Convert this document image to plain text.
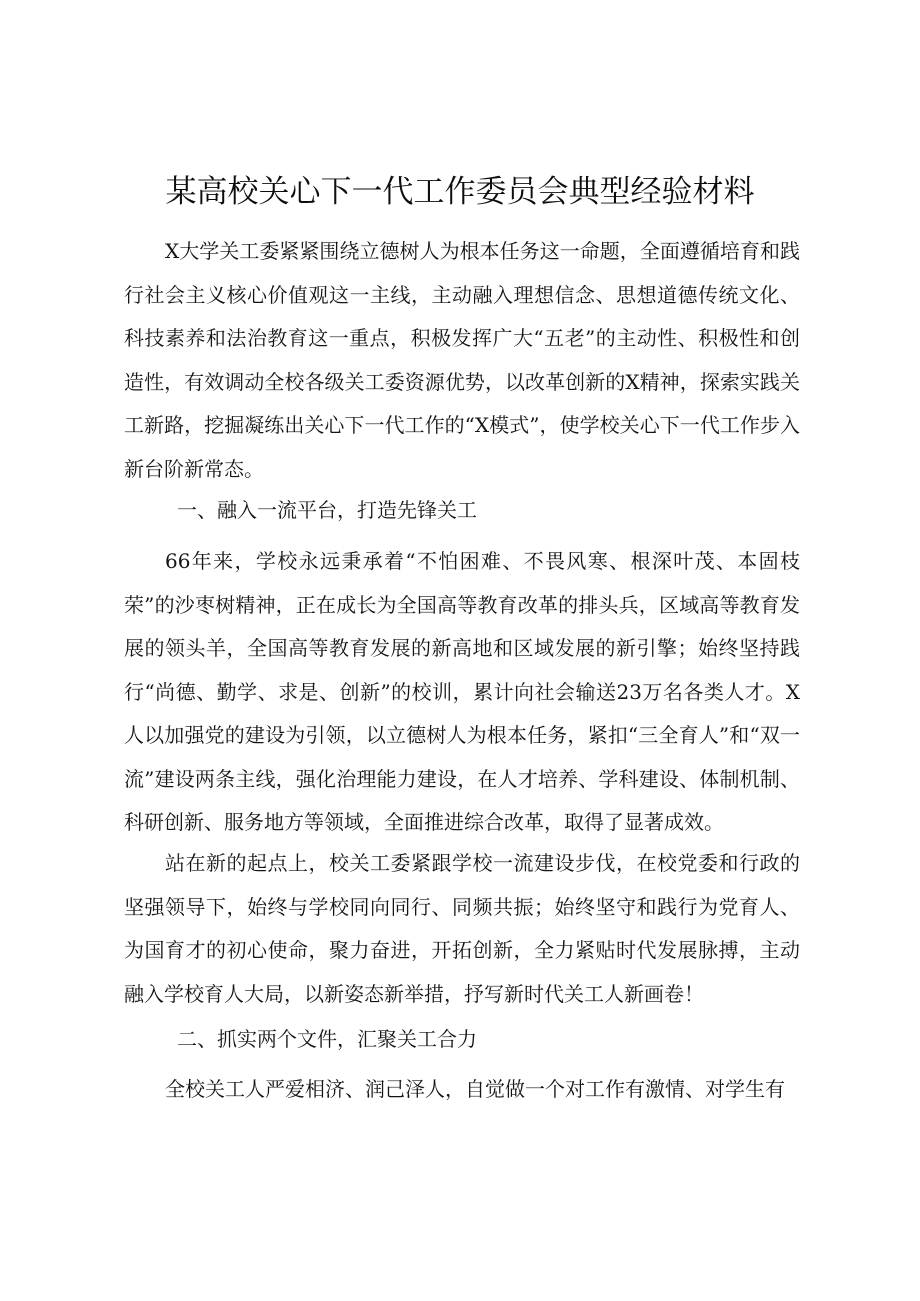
某高校关心下一代工作委员会典型经验材料

X大学关工委紧紧围绕立德树人为根本任务这一命题，全面遵循培育和践行社会主义核心价值观这一主线，主动融入理想信念、思想道德传统文化、科技素养和法治教育这一重点，积极发挥广大“五老”的主动性、积极性和创造性，有效调动全校各级关工委资源优势，以改革创新的X精神，探索实践关工新路，挖掘凝练出关心下一代工作的“X模式”，使学校关心下一代工作步入新台阶新常态。

一、融入一流平台，打造先锋关工

66年来，学校永远秉承着“不怕困难、不畏风寒、根深叶茂、本固枝荣”的沙枣树精神，正在成长为全国高等教育改革的排头兵，区域高等教育发展的领头羊，全国高等教育发展的新高地和区域发展的新引擎；始终坚持践行“尚德、勤学、求是、创新”的校训，累计向社会输送23万名各类人才。X人以加强党的建设为引领，以立德树人为根本任务，紧扣“三全育人”和“双一流”建设两条主线，强化治理能力建设，在人才培养、学科建设、体制机制、科研创新、服务地方等领域，全面推进综合改革，取得了显著成效。

站在新的起点上，校关工委紧跟学校一流建设步伐，在校党委和行政的坚强领导下，始终与学校同向同行、同频共振；始终坚守和践行为党育人、为国育才的初心使命，聚力奋进，开拓创新，全力紧贴时代发展脉搏，主动融入学校育人大局，以新姿态新举措，抒写新时代关工人新画卷！

二、抓实两个文件，汇聚关工合力

全校关工人严爱相济、润己泽人，自觉做一个对工作有激情、对学生有
